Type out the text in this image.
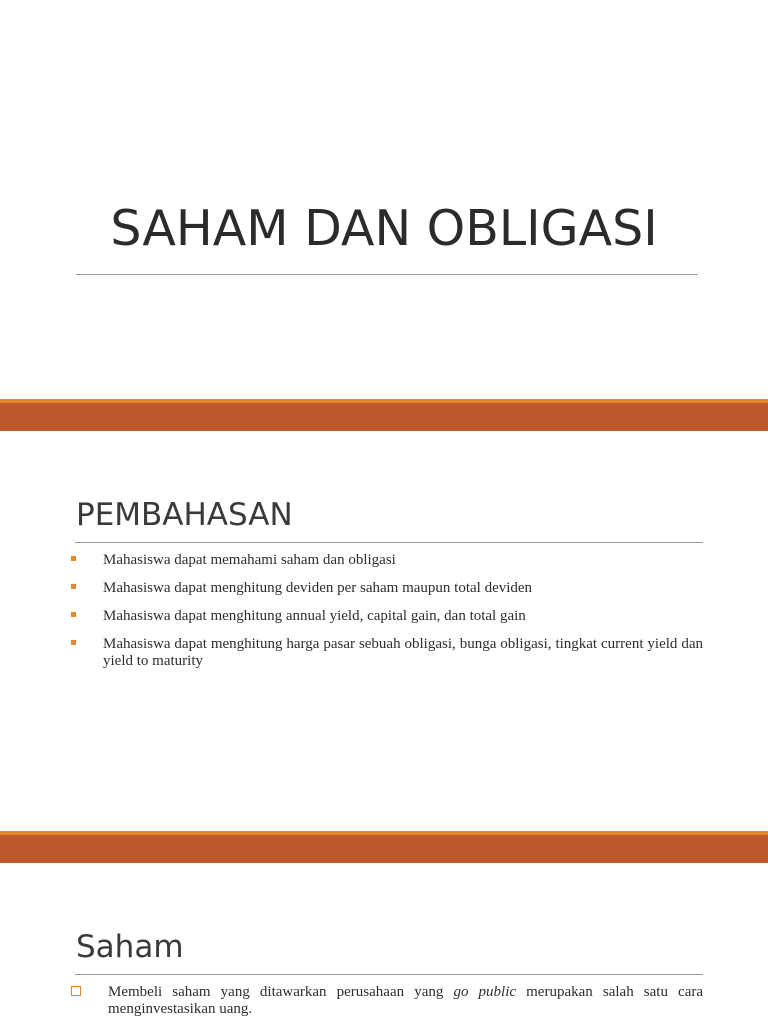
SAHAM DAN OBLIGASI
PEMBAHASAN
Mahasiswa dapat memahami saham dan obligasi
Mahasiswa dapat menghitung deviden per saham maupun total deviden
Mahasiswa dapat menghitung annual yield, capital gain, dan total gain
Mahasiswa dapat menghitung harga pasar sebuah obligasi, bunga obligasi, tingkat current yield dan yield to maturity
Saham
Membeli saham yang ditawarkan perusahaan yang go public merupakan salah satu cara menginvestasikan uang.
